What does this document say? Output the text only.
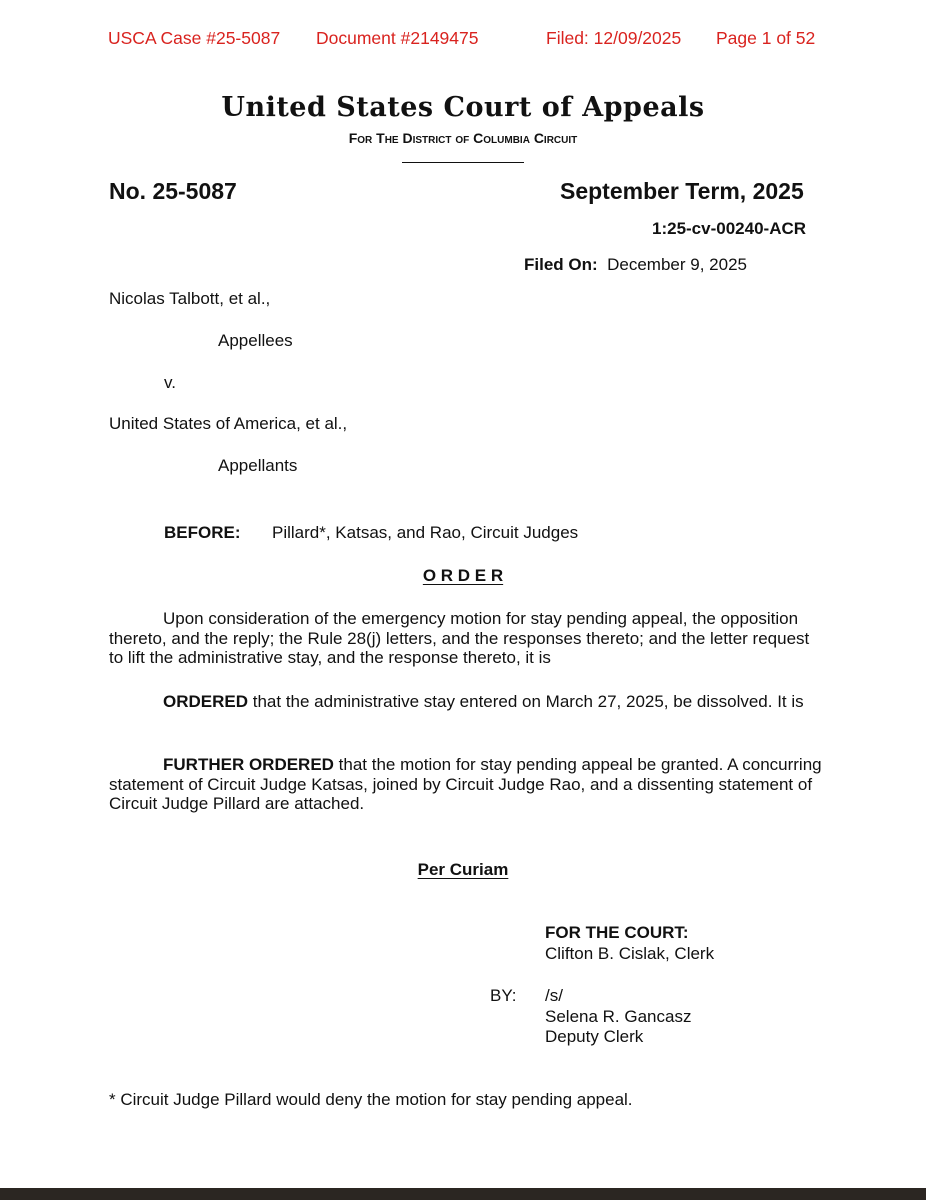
USCA Case #25-5087 Document #2149475	Filed: 12/09/2025 Page 1 of 52
United States Court of Appeals
For The District of Columbia Circuit
No. 25-5087	September Term, 2025
1:25-cv-00240-ACR
Filed On: December 9, 2025
Nicolas Talbott, et al.,
Appellees
v.
United States of America, et al.,
Appellants
BEFORE: Pillard*, Katsas, and Rao, Circuit Judges
O R D E R
Upon consideration of the emergency motion for stay pending appeal, the opposition thereto, and the reply; the Rule 28(j) letters, and the responses thereto; and the letter request to lift the administrative stay, and the response thereto, it is
ORDERED that the administrative stay entered on March 27, 2025, be dissolved. It is
FURTHER ORDERED that the motion for stay pending appeal be granted. A concurring statement of Circuit Judge Katsas, joined by Circuit Judge Rao, and a dissenting statement of Circuit Judge Pillard are attached.
Per Curiam
FOR THE COURT:
Clifton B. Cislak, Clerk
BY: /s/
Selena R. Gancasz
Deputy Clerk
* Circuit Judge Pillard would deny the motion for stay pending appeal.
